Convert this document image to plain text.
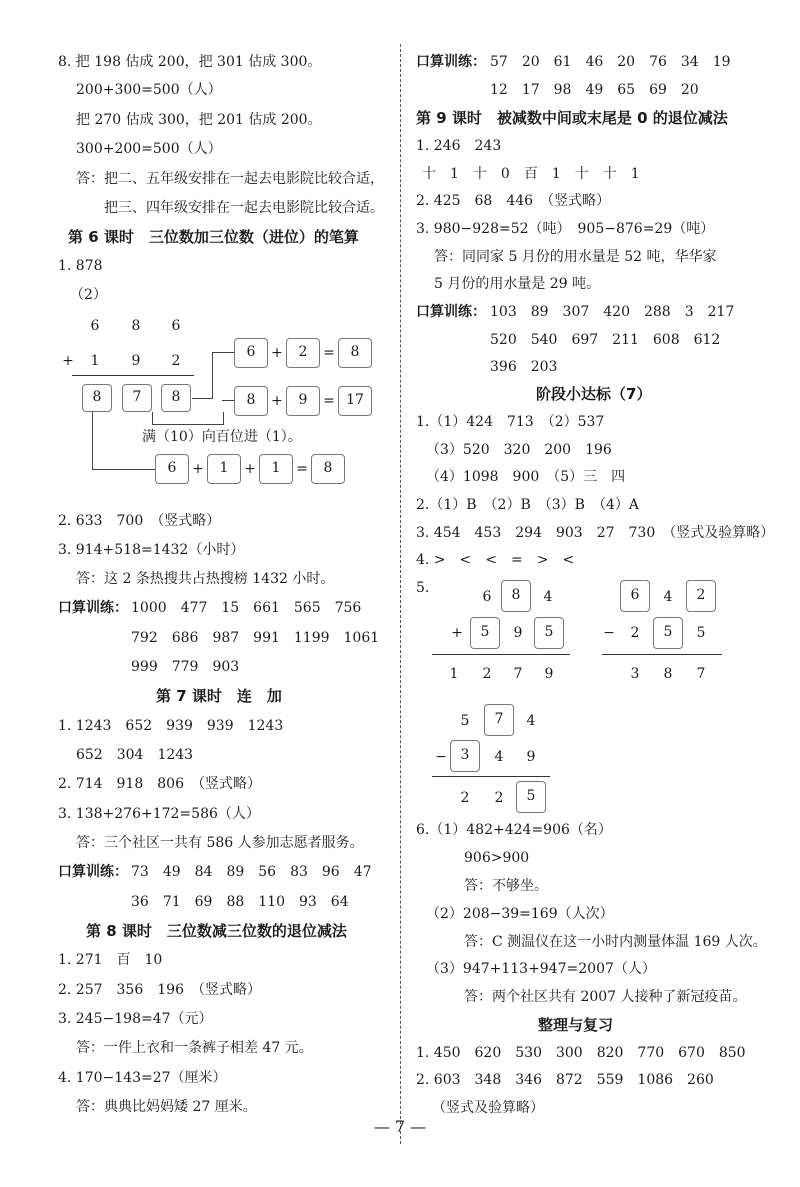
8. 把 198 估成 200，把 301 估成 300。
200+300=500（人）
把 270 估成 300，把 201 估成 200。
300+200=500（人）
答：把二、五年级安排在一起去电影院比较合适，
把三、四年级安排在一起去电影院比较合适。
第 6 课时　三位数加三位数（进位）的笔算
1. 878
（2）
6	8	6
+	1	9	2
8	7	8
6	+	2	=	8
8	+	9	= 17
满（10）向百位进（1）。
6	+	1	+	1	=	8
2. 633　700　（竖式略）
3. 914+518=1432（小时）
答：这 2 条热搜共占热搜榜 1432 小时。
口算训练： 1000　477　15　661　565　756
792　686　987　991　1199　1061
999　779　903
第 7 课时　连　加
1. 1243　652　939　939　1243
652　304　1243
2. 714　918　806　（竖式略）
3. 138+276+172=586（人）
答：三个社区一共有 586 人参加志愿者服务。
口算训练： 73　49　84　89　56　83　96　47
36　71　69　88　110　93　64
第 8 课时　三位数减三位数的退位减法
1. 271　百　10
2. 257　356　196　（竖式略）
3. 245−198=47（元）
答：一件上衣和一条裤子相差 47 元。
4. 170−143=27（厘米）
答：典典比妈妈矮 27 厘米。
口算训练： 57　20　61　46　20　76　34　19
12　17　98　49　65　69　20
第 9 课时　被减数中间或末尾是 0 的退位减法
1. 246　243
十　1　十　0　百　1　十　十　1
2. 425　68　446　（竖式略）
3. 980−928=52（吨）　905−876=29（吨）
答：同同家 5 月份的用水量是 52 吨，华华家
5 月份的用水量是 29 吨。
口算训练： 103　89　307　420　288　3　217
520　540　697　211　608　612
396　203
阶段小达标（7）
1.（1）424　713　（2）537
（3）520　320　200　196
（4）1098　900　（5）三　四
2.（1）B　（2）B　（3）B　（4）A
3. 454　453　294　903　27　730　（竖式及验算略）
4. >　<　<　=　>　<
5.
6	8	4
+	5	9	5
1	2	7	9
6	4	2
−	2	5	5
3	8	7
5	7	4
− 3	4	9
2	2	5
6.（1）482+424=906（名）
906>900
答：不够坐。
（2）208−39=169（人次）
答：C 测温仪在这一小时内测量体温 169 人次。
（3）947+113+947=2007（人）
答：两个社区共有 2007 人接种了新冠疫苗。
整理与复习
1. 450　620　530　300　820　770　670　850
2. 603　348　346　872　559　1086　260
（竖式及验算略）
— 7 —
